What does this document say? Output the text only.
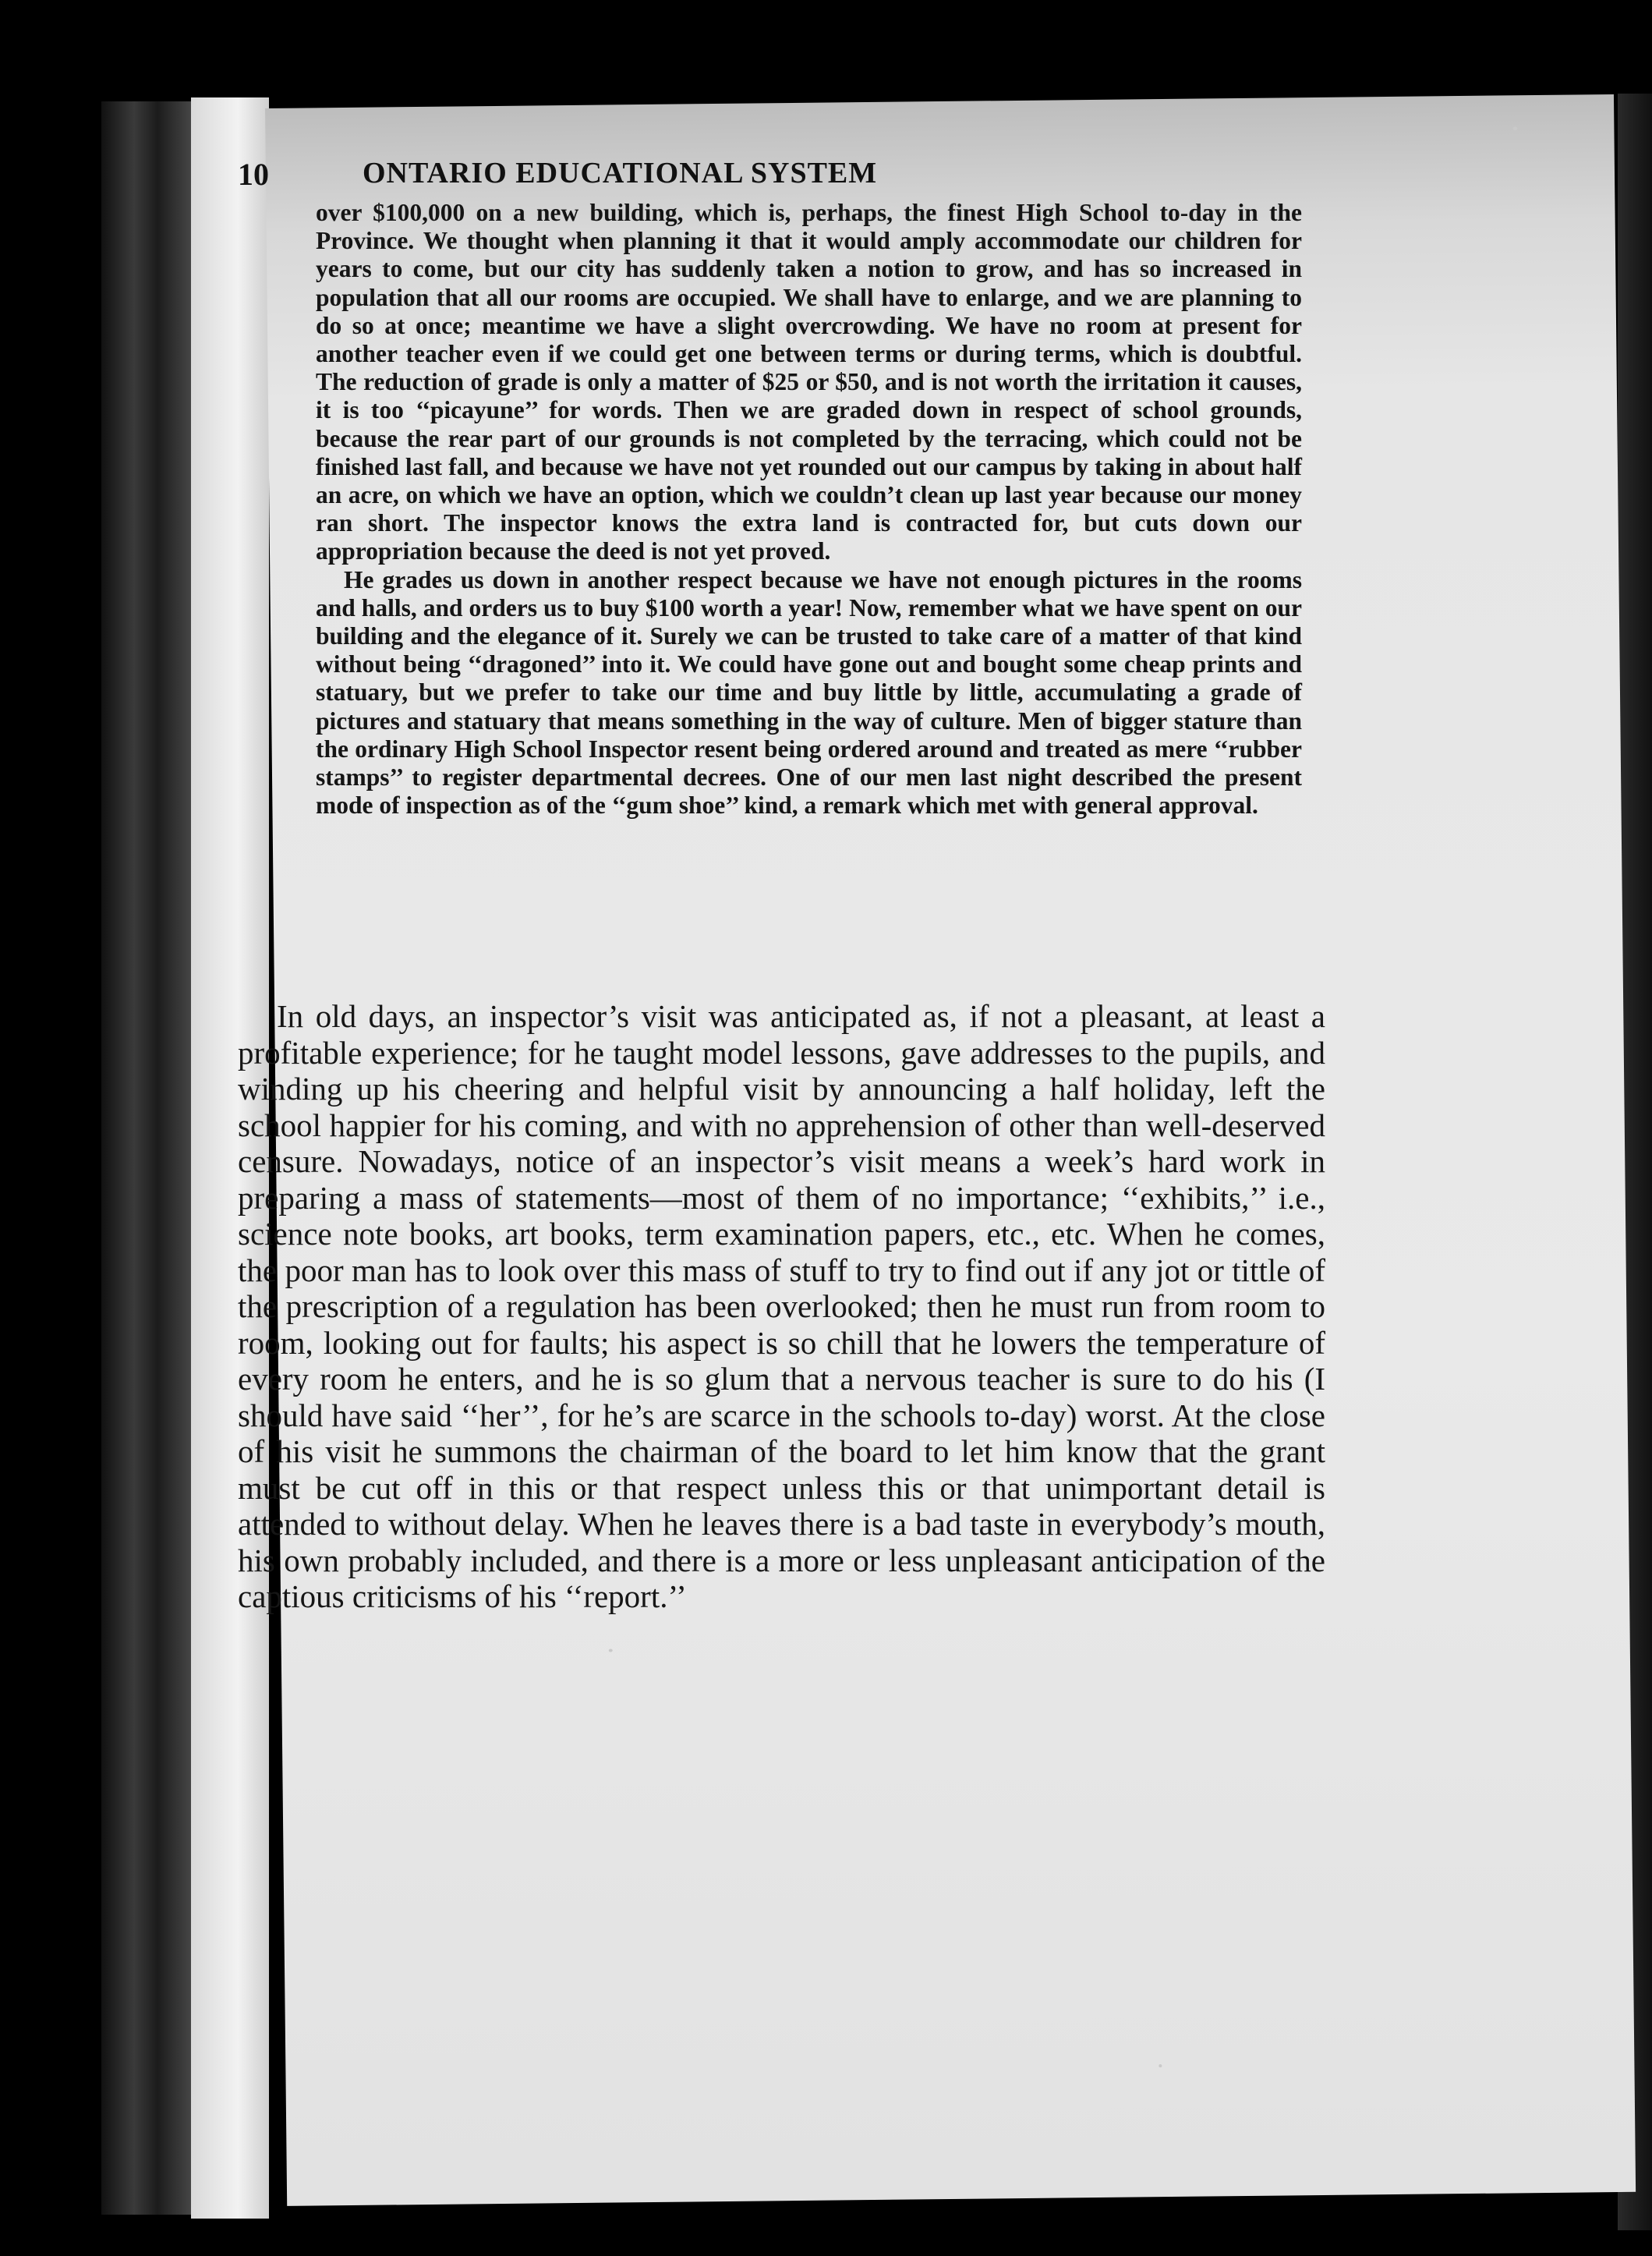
10	ONTARIO EDUCATIONAL SYSTEM

over $100,000 on a new building, which is, perhaps, the finest High School to-day in the Province. We thought when planning it that it would amply accommodate our children for years to come, but our city has suddenly taken a notion to grow, and has so increased in population that all our rooms are occupied. We shall have to enlarge, and we are planning to do so at once; meantime we have a slight overcrowding. We have no room at present for another teacher even if we could get one between terms or during terms, which is doubtful. The reduction of grade is only a matter of $25 or $50, and is not worth the irritation it causes, it is too ‘‘picayune’’ for words. Then we are graded down in respect of school grounds, because the rear part of our grounds is not completed by the terracing, which could not be finished last fall, and because we have not yet rounded out our campus by taking in about half an acre, on which we have an option, which we couldn’t clean up last year because our money ran short. The inspector knows the extra land is contracted for, but cuts down our appropriation because the deed is not yet proved.

He grades us down in another respect because we have not enough pictures in the rooms and halls, and orders us to buy $100 worth a year! Now, remember what we have spent on our building and the elegance of it. Surely we can be trusted to take care of a matter of that kind without being ‘‘dragoned’’ into it. We could have gone out and bought some cheap prints and statuary, but we prefer to take our time and buy little by little, accumulating a grade of pictures and statuary that means something in the way of culture. Men of bigger stature than the ordinary High School Inspector resent being ordered around and treated as mere ‘‘rubber stamps’’ to register departmental decrees. One of our men last night described the present mode of inspection as of the ‘‘gum shoe’’ kind, a remark which met with general approval.

In old days, an inspector’s visit was anticipated as, if not a pleasant, at least a profitable experience; for he taught model lessons, gave addresses to the pupils, and winding up his cheering and helpful visit by announcing a half holiday, left the school happier for his coming, and with no apprehension of other than well-deserved censure. Nowadays, notice of an inspector’s visit means a week’s hard work in preparing a mass of statements—most of them of no importance; ‘‘exhibits,’’ i.e., science note books, art books, term examination papers, etc., etc. When he comes, the poor man has to look over this mass of stuff to try to find out if any jot or tittle of the prescription of a regulation has been overlooked; then he must run from room to room, looking out for faults; his aspect is so chill that he lowers the temperature of every room he enters, and he is so glum that a nervous teacher is sure to do his (I should have said ‘‘her’’, for he’s are scarce in the schools to-day) worst. At the close of his visit he summons the chairman of the board to let him know that the grant must be cut off in this or that respect unless this or that unimportant detail is attended to without delay. When he leaves there is a bad taste in everybody’s mouth, his own probably included, and there is a more or less unpleasant anticipation of the captious criticisms of his ‘‘report.’’
